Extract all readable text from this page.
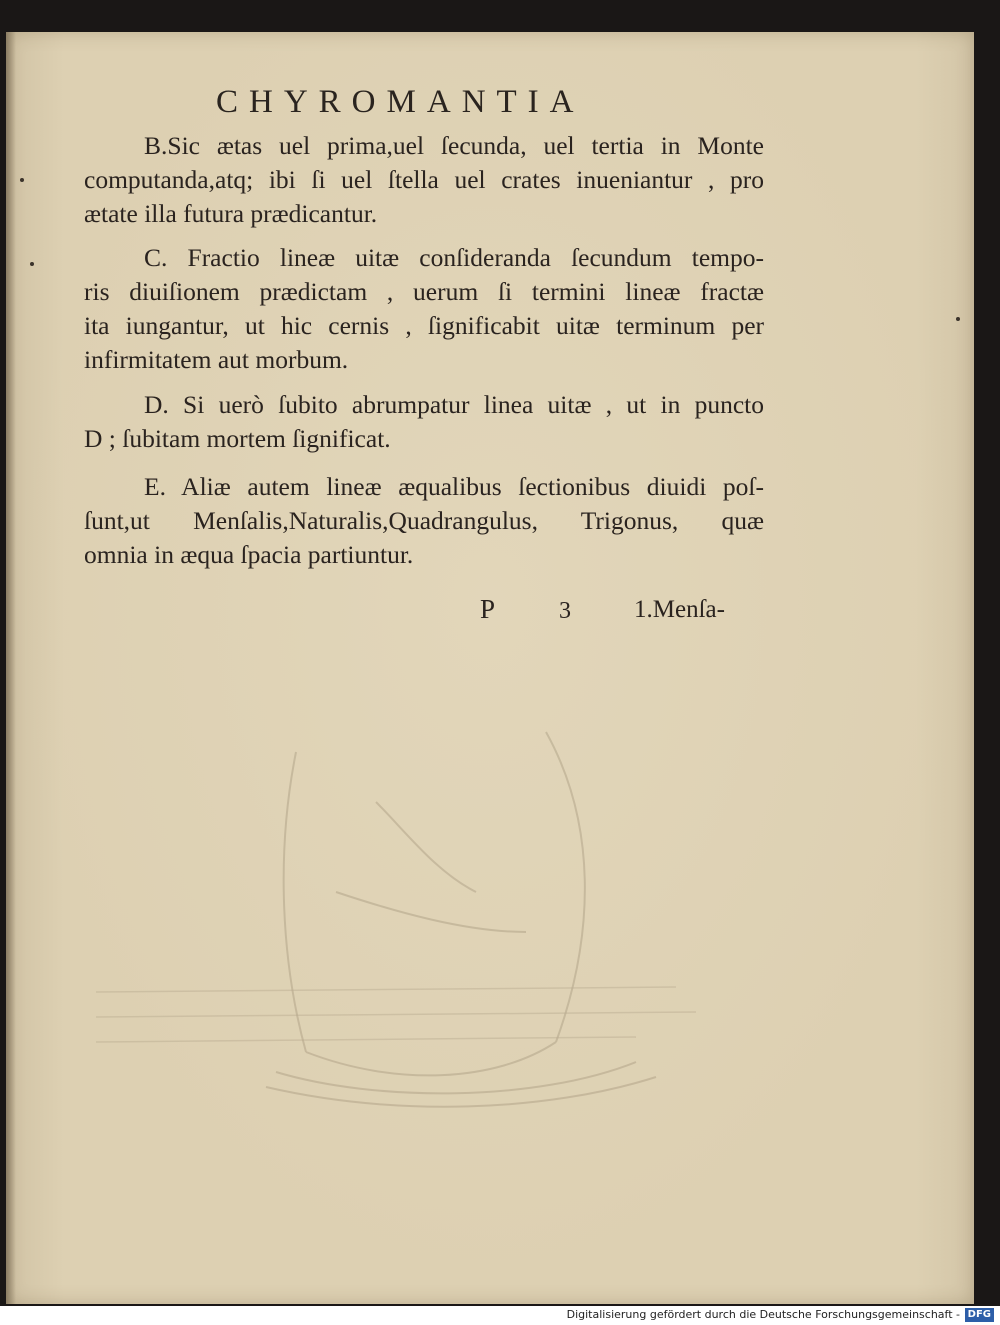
CHYROMANTIA
B.Sic ætas uel prima,uel ſecunda, uel tertia in Monte
computanda,atq; ibi ſi uel ſtella uel crates inueniantur , pro
ætate illa futura prædicantur.
C. Fractio lineæ uitæ conſideranda ſecundum tempo-
ris diuiſionem prædictam , uerum ſi termini lineæ fractæ
ita iungantur, ut hic cernis , ſignificabit uitæ terminum per
infirmitatem aut morbum.
D. Si uerò ſubito abrumpatur linea uitæ , ut in puncto
D ; ſubitam mortem ſignificat.
E. Aliæ autem lineæ æqualibus ſectionibus diuidi poſ-
ſunt,ut Menſalis,Naturalis,Quadrangulus, Trigonus, quæ
omnia in æqua ſpacia partiuntur.
P	3	1.Menſa-
Digitalisierung gefördert durch die Deutsche Forschungsgemeinschaft - DFG
